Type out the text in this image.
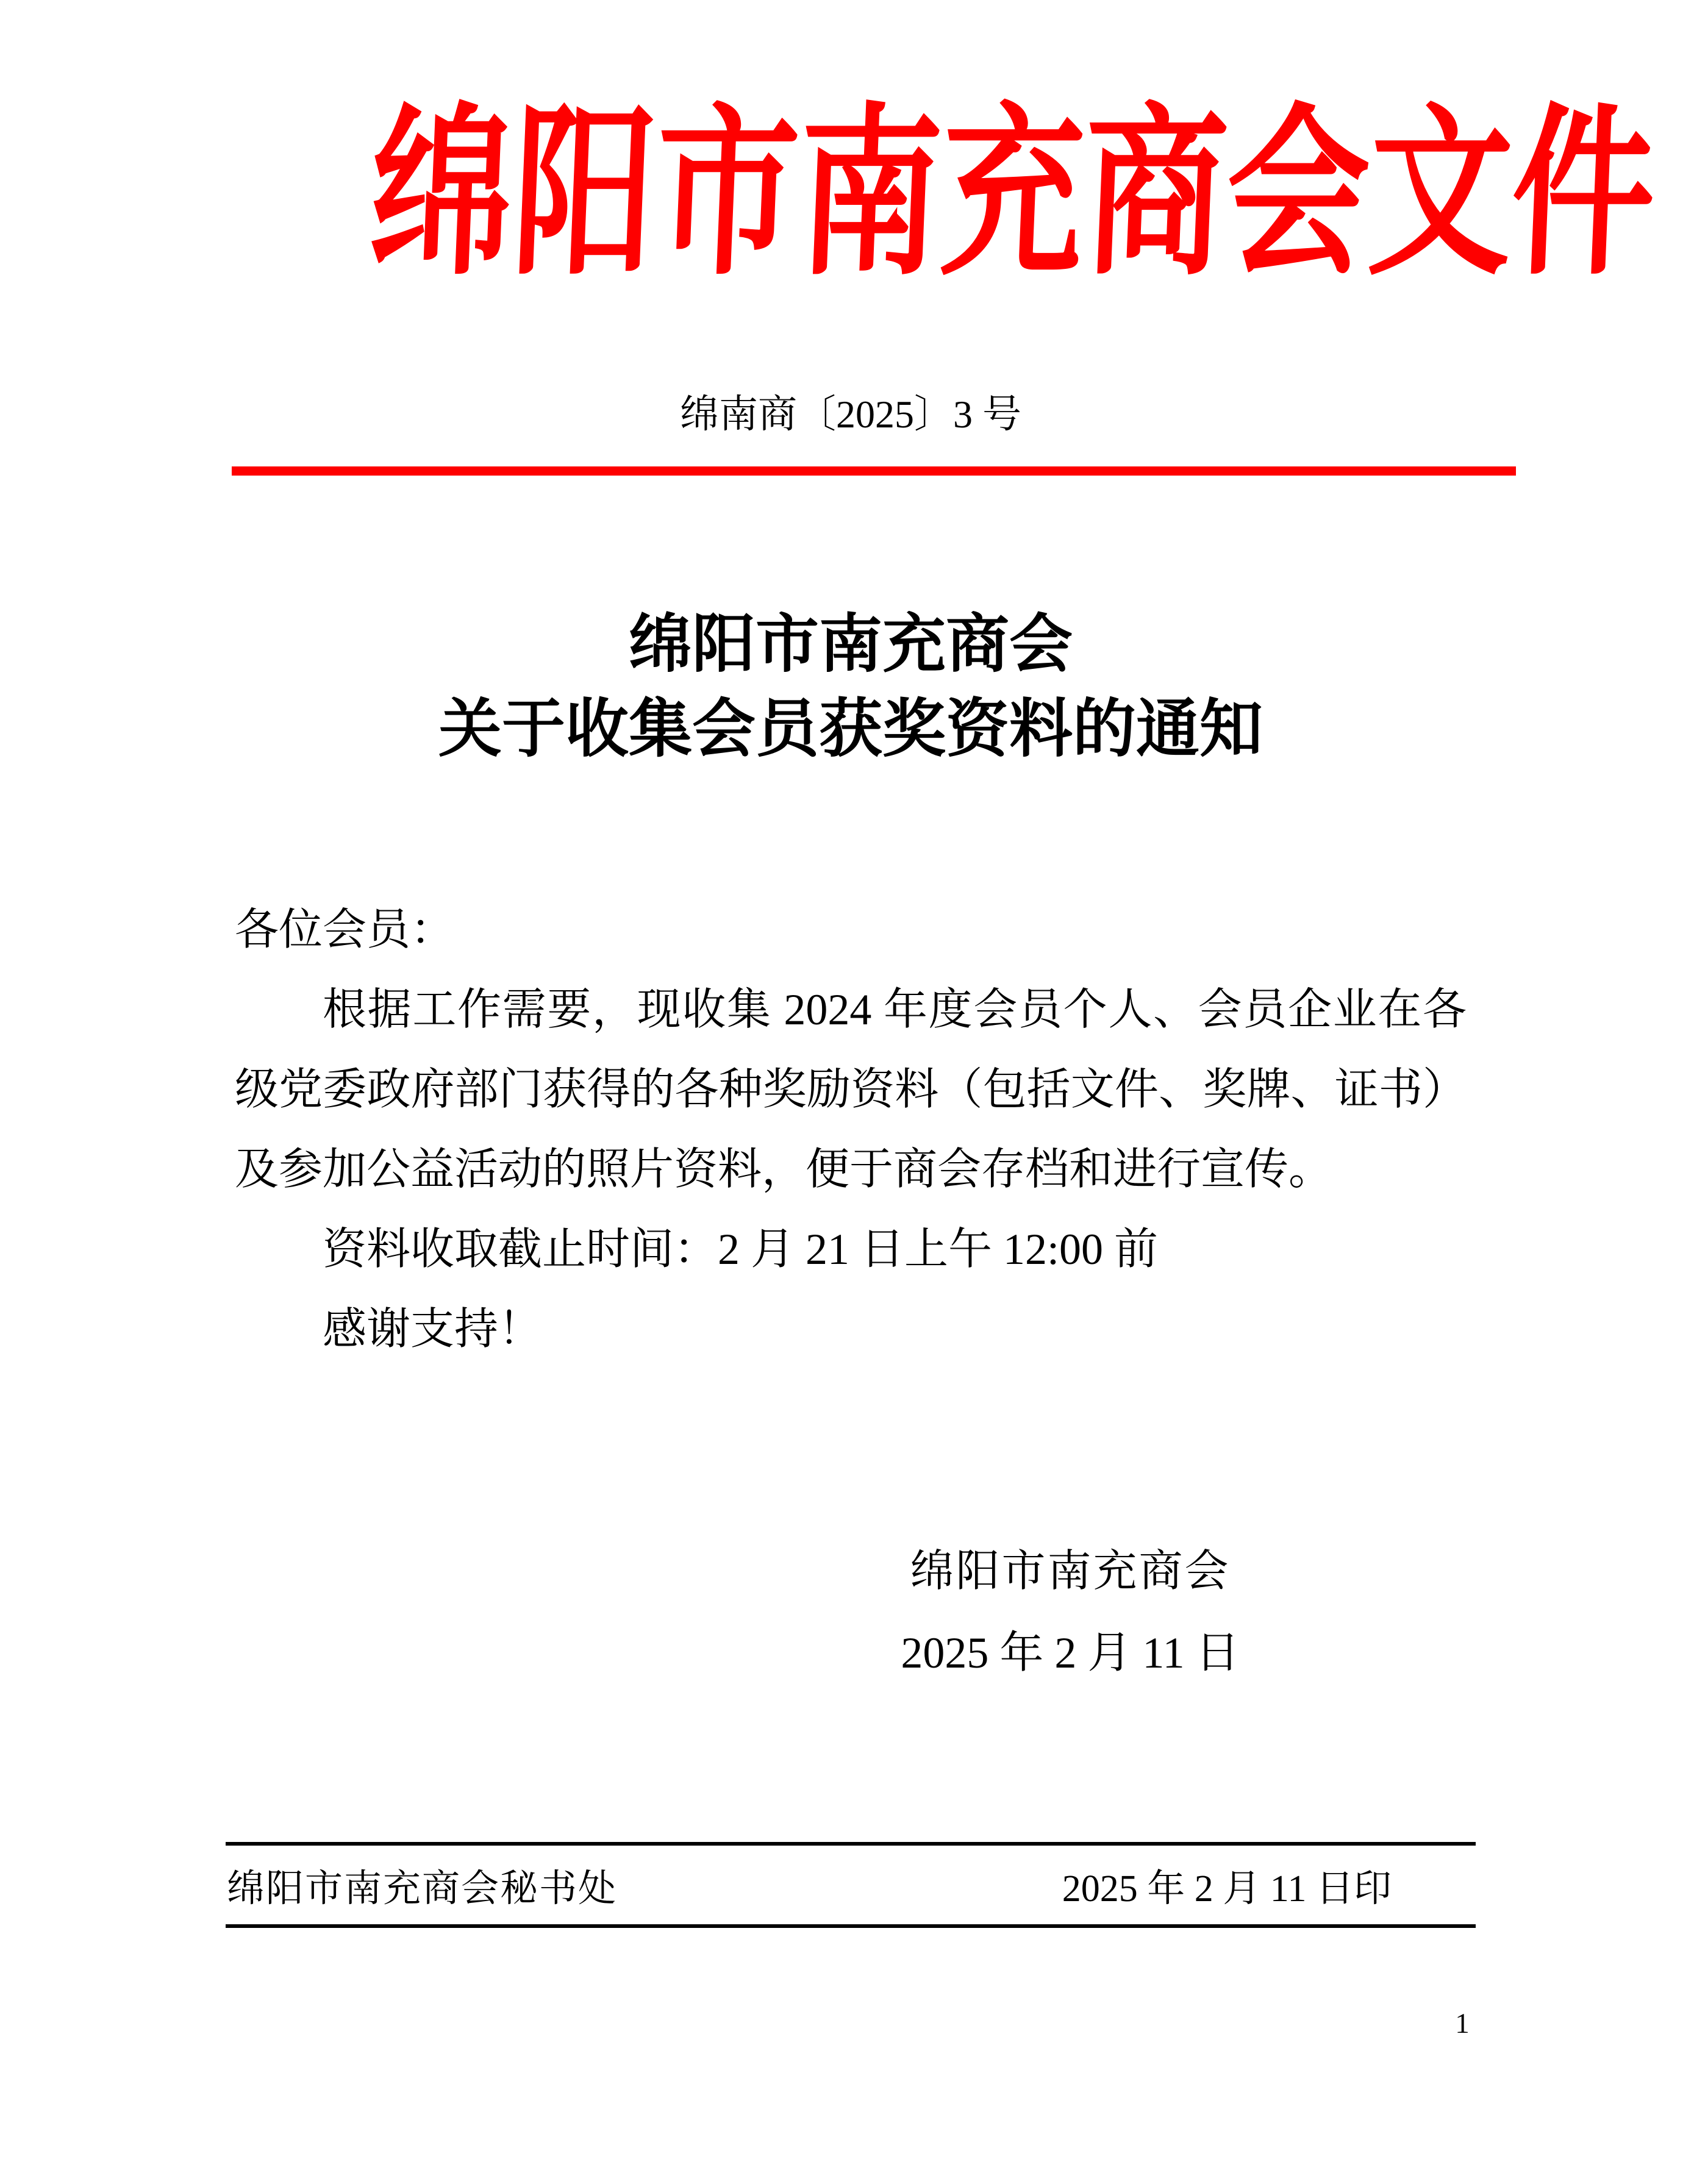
绵阳市南充商会文件
绵南商〔2025〕3 号
绵阳市南充商会
关于收集会员获奖资料的通知
各位会员：
根据工作需要，现收集 2024 年度会员个人、会员企业在各
级党委政府部门获得的各种奖励资料（包括文件、奖牌、证书）
及参加公益活动的照片资料，便于商会存档和进行宣传。
资料收取截止时间：2 月 21 日上午 12:00 前
感谢支持！
绵阳市南充商会
2025 年 2 月 11 日
绵阳市南充商会秘书处	2025 年 2 月 11 日印
1
